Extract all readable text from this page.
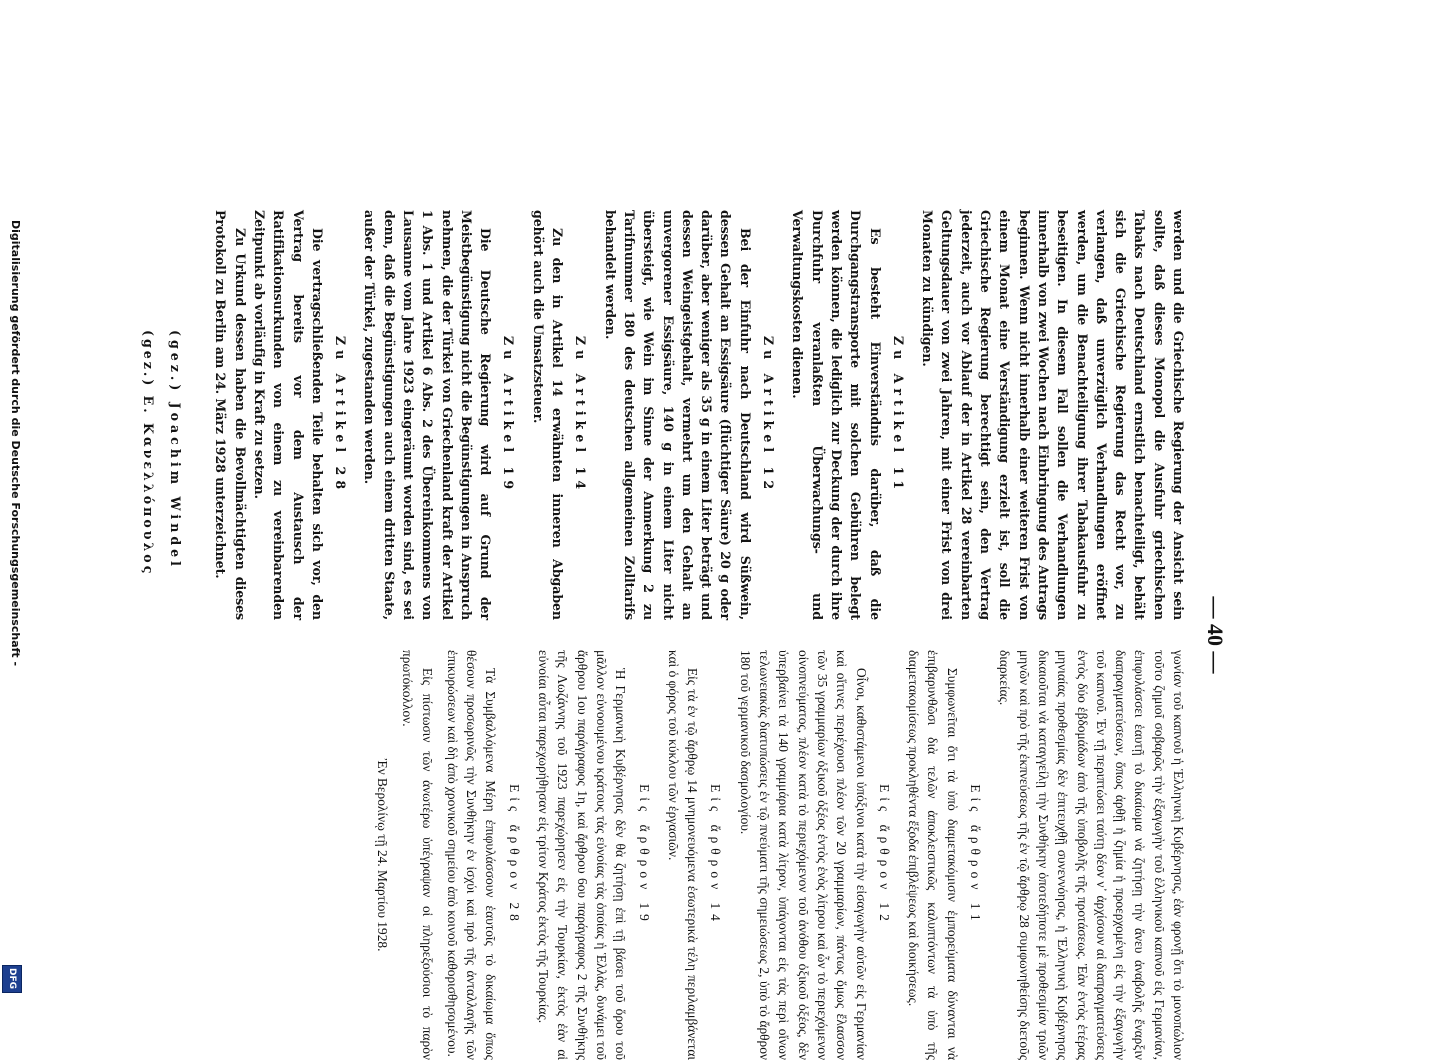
Digitalisierung gefördert durch die Deutsche Forschungsgemeinschaft -
DFG
— 40 —

werden und die Griechische Regierung der Ansicht sein sollte, daß dieses Monopol die Ausfuhr griechischen Tabaks nach Deutschland ernstlich benachteiligt, behält sich die Griechische Regierung das Recht vor, zu verlangen, daß unverzüglich Verhandlungen eröffnet werden, um die Benachteiligung ihrer Tabakausfuhr zu beseitigen. In diesem Fall sollen die Verhandlungen innerhalb von zwei Wochen nach Einbringung des Antrags beginnen. Wenn nicht innerhalb einer weiteren Frist von einem Monat eine Verständigung erzielt ist, soll die Griechische Regierung berechtigt sein, den Vertrag jederzeit, auch vor Ablauf der in Artikel 28 vereinbarten Geltungsdauer von zwei Jahren, mit einer Frist von drei Monaten zu kündigen.

Zu Artikel 11

Es besteht Einverständnis darüber, daß die Durchgangstransporte mit solchen Gebühren belegt werden können, die lediglich zur Deckung der durch ihre Durchfuhr veranlaßten Überwachungs- und Verwaltungskosten dienen.

Zu Artikel 12

Bei der Einfuhr nach Deutschland wird Süßwein, dessen Gehalt an Essigsäure (flüchtiger Säure) 20 g oder darüber, aber weniger als 35 g in einem Liter beträgt und dessen Weingeistgehalt, vermehrt um den Gehalt an unvergorener Essigsäure, 140 g in einem Liter nicht übersteigt, wie Wein im Sinne der Anmerkung 2 zu Tarifnummer 180 des deutschen allgemeinen Zolltarifs behandelt werden.

Zu Artikel 14

Zu den in Artikel 14 erwähnten inneren Abgaben gehört auch die Umsatzsteuer.

Zu Artikel 19

Die Deutsche Regierung wird auf Grund der Meistbegünstigung nicht die Begünstigungen in Anspruch nehmen, die der Türkei von Griechenland kraft der Artikel 1 Abs. 1 und Artikel 6 Abs. 2 des Übereinkommens von Lausanne vom Jahre 1923 eingeräumt worden sind, es sei denn, daß die Begünstigungen auch einem dritten Staate, außer der Türkei, zugestanden werden.

Zu Artikel 28

Die vertragschließenden Teile behalten sich vor, den Vertrag bereits vor dem Austausch der Ratifikationsurkunden von einem zu vereinbarenden Zeitpunkt ab vorläufig in Kraft zu setzen.

Zu Urkund dessen haben die Bevollmächtigten dieses Protokoll zu Berlin am 24. März 1928 unterzeichnet.

(gez.) Joachim Windel
(gez.) E. Κανελλόπουλος

γωνίαν τοῦ καπνοῦ ἡ Ἑλληνικὴ Κυβέρνησις, ἐὰν φρονῇ ὅτι τὸ μονοπώλιον τοῦτο ζημιοῖ σοβαρῶς τὴν ἐξαγωγὴν τοῦ ἑλληνικοῦ καπνοῦ εἰς Γερμανίαν, ἐπιφυλάσσει ἑαυτῇ τὸ δικαίωμα νὰ ζητήσῃ τὴν ἄνευ ἀναβολῆς ἔναρξιν διαπραγματεύσεων, ὅπως ἀρθῇ ἡ ζημία ἡ προερχομένη εἰς τὴν ἐξαγωγὴν τοῦ καπνοῦ. Ἐν τῇ περιπτώσει ταύτῃ δέον ν᾽ ἀρχίσουν αἱ διαπραγματεύσεις ἐντὸς δύο ἑβδομάδων ἀπὸ τῆς ὑποβολῆς τῆς προτάσεως. Ἐὰν ἐντὸς ἑτέρας μηνιαίας προθεσμίας δὲν ἐπιτευχθῇ συνεννόησις, ἡ Ἑλληνικὴ Κυβέρνησις δικαιοῦται νὰ καταγγείλῃ τὴν Συνθήκην ὁποτεδήποτε μὲ προθεσμίαν τριῶν μηνῶν καὶ πρὸ τῆς ἐκπνεύσεως τῆς ἐν τῷ ἄρθρῳ 28 συμφωνηθείσης διετοῦς διαρκείας.

Εἰς ἄρθρον 11

Συμφωνεῖται ὅτι τὰ ὑπὸ διαμετακόμισιν ἐμπορεύματα δύνανται νὰ ἐπιβαρυνθῶσι διὰ τελῶν ἀποκλειστικῶς καλυπτόντων τὰ ὑπὸ τῆς διαμετακομίσεως προκληθέντα ἔξοδα ἐπιβλέψεως καὶ διοικήσεως.

Εἰς ἄρθρον 12

Οἶνοι, καθιστάμενοι ὑπόξινοι κατὰ τὴν εἰσαγωγὴν αὐτῶν εἰς Γερμανίαν καὶ οἵτινες περιέχουσι πλέον τῶν 20 γραμμαρίων, πάντως ὅμως ἔλασσον τῶν 35 γραμμαρίων ὀξικοῦ ὀξέος ἐντὸς ἑνὸς λίτρου καὶ ὧν τὸ περιεχόμενον οἰνοπνεύματος, πλέον κατὰ τὸ περιεχόμενον τοῦ ἀνόθου ὀξικοῦ ὀξέος, δὲν ὑπερβαίνει τὰ 140 γραμμάρια κατὰ λίτρον, ὑπάγονται εἰς τὰς περὶ οἴνων τελωνειακὰς διατυπώσεις ἐν τῷ πνεύματι τῆς σημειώσεως 2, ὑπὸ τὸ ἄρθρον 180 τοῦ γερμανικοῦ δασμολογίου.

Εἰς ἄρθρον 14

Εἰς τὰ ἐν τῷ ἄρθρῳ 14 μνημονευόμενα ἐσωτερικὰ τέλη περιλαμβάνεται καὶ ὁ φόρος τοῦ κύκλου τῶν ἐργασιῶν.

Εἰς ἄρθρον 19

Ἡ Γερμανικὴ Κυβέρνησις δὲν θὰ ζητήσῃ ἐπὶ τῇ βάσει τοῦ ὅρου τοῦ μᾶλλον εὐνοουμένου κράτους τὰς εὐνοίας τὰς ὁποίας ἡ Ἑλλὰς, δυνάμει τοῦ ἄρθρου 1ου παράγραφος 1η, καὶ ἄρθρου 6ου παράγραφος 2 τῆς Συνθήκης τῆς Λωζάννης τοῦ 1923 παρεχώρησεν εἰς τὴν Τουρκίαν, ἐκτὸς ἐὰν αἱ εὐνοίαι αὗται παρεχωρήθησαν εἰς τρίτον Κράτος ἐκτὸς τῆς Τουρκίας.

Εἰς ἄρθρον 28

Τὰ Συμβαλλόμενα Μέρη ἐπιφυλάσσουν ἑαυτοῖς τὸ δικαίωμα ὅπως θέσουν προσωρινῶς τὴν Συνθήκην ἐν ἰσχύι καὶ πρὸ τῆς ἀνταλλαγῆς τῶν ἐπικυρώσεων καὶ δὴ ἀπὸ χρονικοῦ σημείου ἀπὸ κοινοῦ καθορισθησομένου.

Εἰς πίστωσιν τῶν ἀνωτέρω ὑπέγραψαν οἱ πληρεξούσιοι τὸ παρὸν πρωτόκολλον.

Ἐν Βερολίνῳ τῇ 24. Μαρτίου 1928.
